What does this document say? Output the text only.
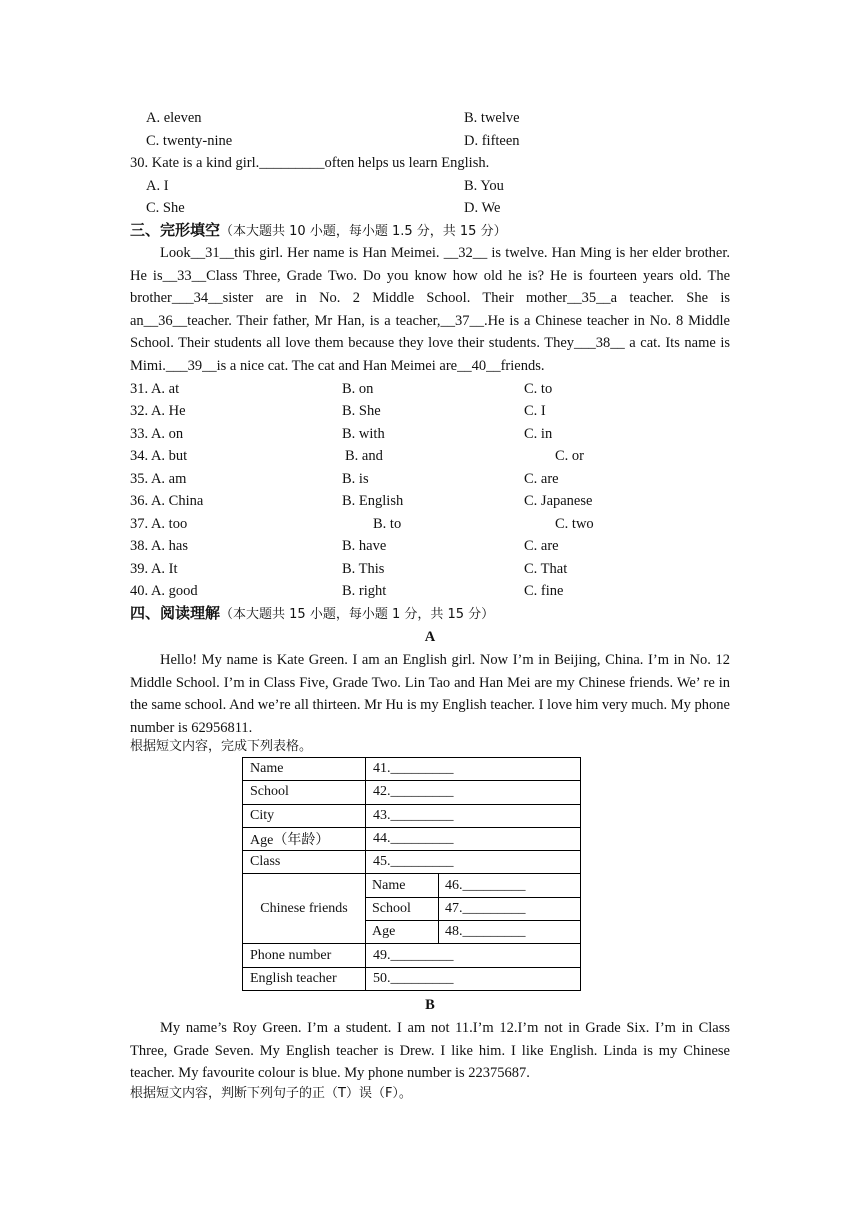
A. eleven	B. twelve
C. twenty-nine	D. fifteen
30. Kate is a kind girl._________often helps us learn English.
A. I	B. You
C. She	D. We
三、完形填空（本大题共 10 小题，每小题 1.5 分，共 15 分）
Look__31__this girl. Her name is Han Meimei. __32__ is twelve. Han Ming is her elder brother. He is__33__Class Three, Grade Two. Do you know how old he is? He is fourteen years old. The brother___34__sister are in No. 2 Middle School. Their mother__35__a teacher. She is an__36__teacher. Their father, Mr Han, is a teacher,__37__.He is a Chinese teacher in No. 8 Middle School. Their students all love them because they love their students. They___38__ a cat. Its name is Mimi.___39__is a nice cat. The cat and Han Meimei are__40__friends.
31. A. at	B. on	C. to
32. A. He	B. She	C. I
33. A. on	B. with	C. in
34. A. but	B. and	C. or
35. A. am	B. is	C. are
36. A. China	B. English	C. Japanese
37. A. too	B. to	C. two
38. A. has	B. have	C. are
39. A. It	B. This	C. That
40. A. good	B. right	C. fine
四、阅读理解（本大题共 15 小题，每小题 1 分，共 15 分）
A
Hello! My name is Kate Green. I am an English girl. Now I’m in Beijing, China. I’m in No. 12 Middle School. I’m in Class Five, Grade Two. Lin Tao and Han Mei are my Chinese friends. We’ re in the same school. And we’re all thirteen. Mr Hu is my English teacher. I love him very much. My phone number is 62956811.
根据短文内容，完成下列表格。
Name	41._________
School	42._________
City	43._________
Age（年龄）	44._________
Class	45._________
Chinese friends	
Name	46._________
School	47._________
Age	48._________

Phone number	49._________
English teacher	50._________
B
My name’s Roy Green. I’m a student. I am not 11.I’m 12.I’m not in Grade Six. I’m in Class Three, Grade Seven. My English teacher is Drew. I like him. I like English. Linda is my Chinese teacher. My favourite colour is blue. My phone number is 22375687.
根据短文内容，判断下列句子的正（T）误（F）。
